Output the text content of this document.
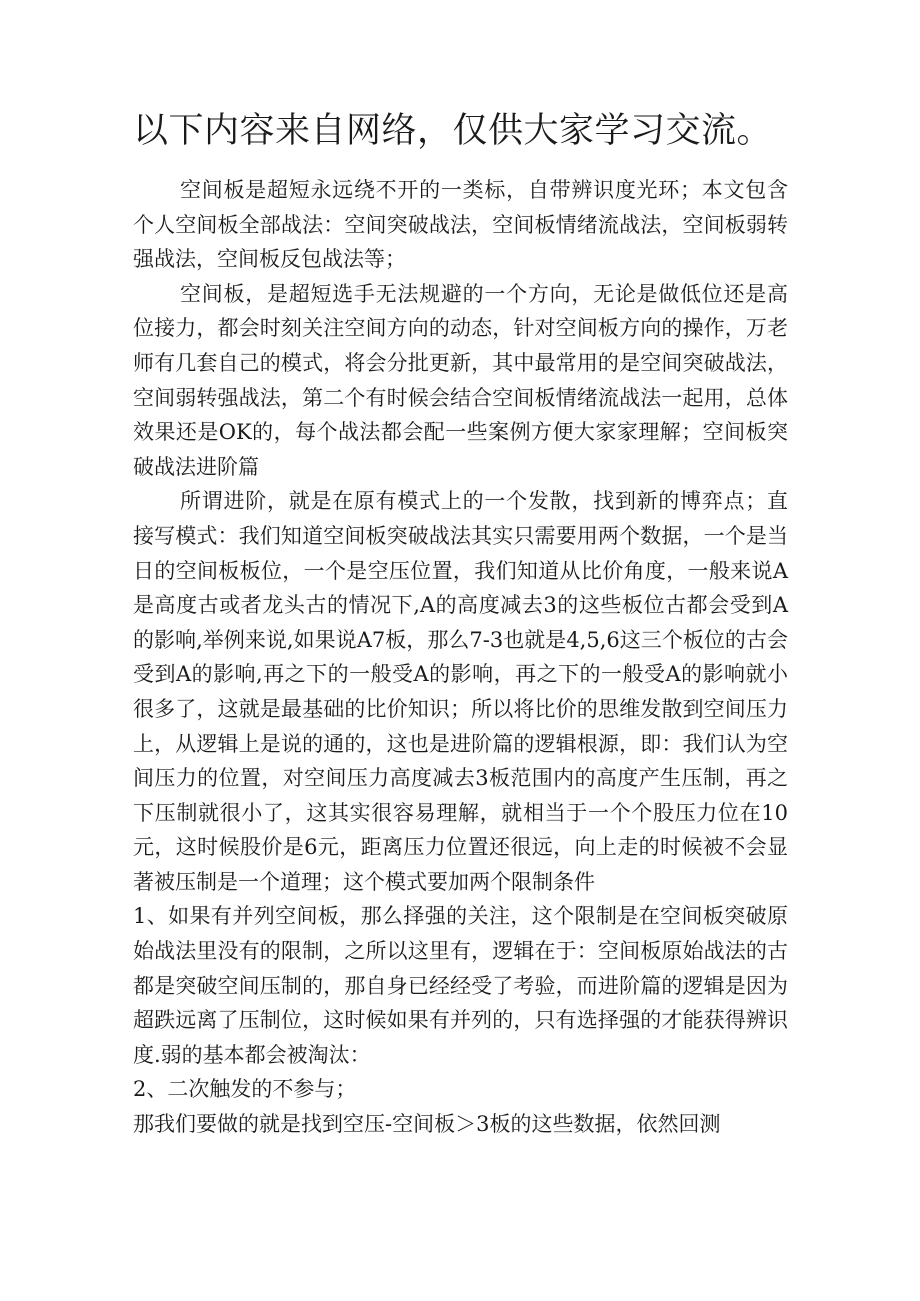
以下内容来自网络，仅供大家学习交流。

空间板是超短永远绕不开的一类标，自带辨识度光环；本文包含个人空间板全部战法：空间突破战法，空间板情绪流战法，空间板弱转强战法，空间板反包战法等；

空间板，是超短选手无法规避的一个方向，无论是做低位还是高位接力，都会时刻关注空间方向的动态，针对空间板方向的操作，万老师有几套自己的模式，将会分批更新，其中最常用的是空间突破战法，空间弱转强战法，第二个有时候会结合空间板情绪流战法一起用，总体效果还是OK的，每个战法都会配一些案例方便大家家理解；空间板突破战法进阶篇

所谓进阶，就是在原有模式上的一个发散，找到新的博弈点；直接写模式：我们知道空间板突破战法其实只需要用两个数据，一个是当日的空间板板位，一个是空压位置，我们知道从比价角度，一般来说A是高度古或者龙头古的情况下,A的高度减去3的这些板位古都会受到A的影响,举例来说,如果说A7板，那么7-3也就是4,5,6这三个板位的古会受到A的影响,再之下的一般受A的影响，再之下的一般受A的影响就小很多了，这就是最基础的比价知识；所以将比价的思维发散到空间压力上，从逻辑上是说的通的，这也是进阶篇的逻辑根源，即：我们认为空间压力的位置，对空间压力高度减去3板范围内的高度产生压制，再之下压制就很小了，这其实很容易理解，就相当于一个个股压力位在10元，这时候股价是6元，距离压力位置还很远，向上走的时候被不会显著被压制是一个道理；这个模式要加两个限制条件

1、如果有并列空间板，那么择强的关注，这个限制是在空间板突破原始战法里没有的限制，之所以这里有，逻辑在于：空间板原始战法的古都是突破空间压制的，那自身已经经受了考验，而进阶篇的逻辑是因为超跌远离了压制位，这时候如果有并列的，只有选择强的才能获得辨识度.弱的基本都会被淘汰：

2、二次触发的不参与；

那我们要做的就是找到空压-空间板＞3板的这些数据，依然回测
